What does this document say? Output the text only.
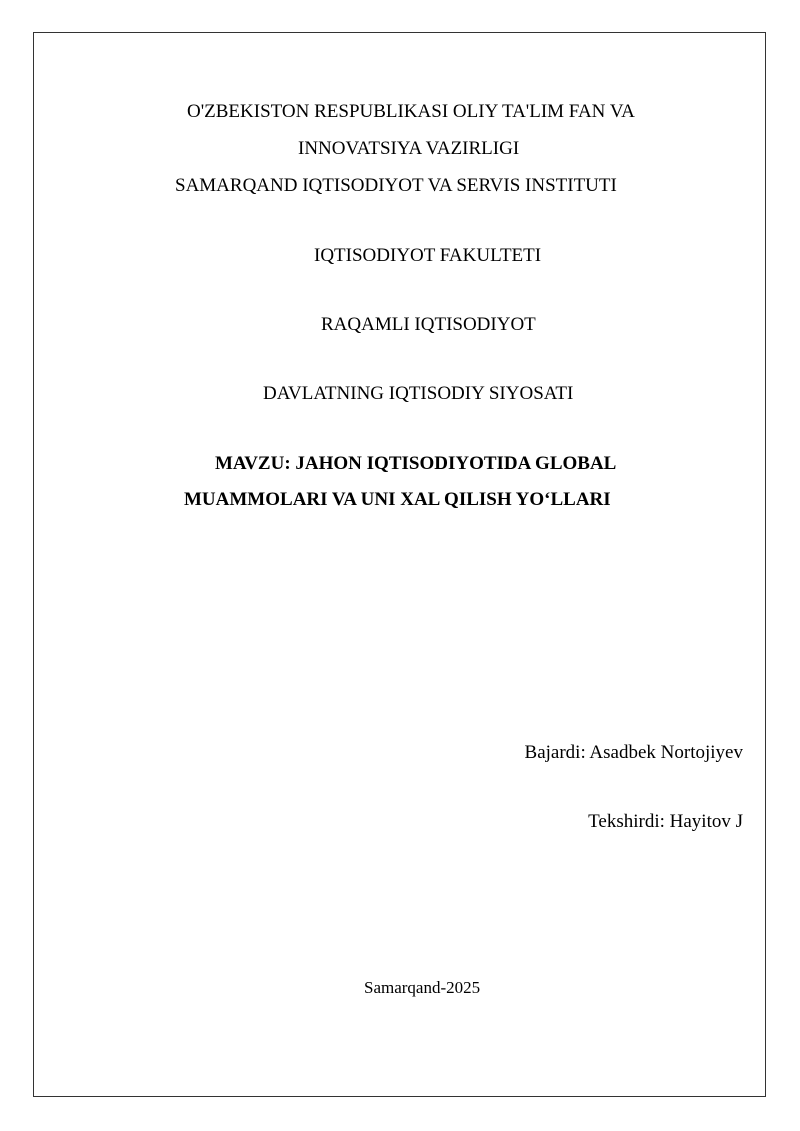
O'ZBEKISTON RESPUBLIKASI OLIY TA'LIM FAN VA
INNOVATSIYA VAZIRLIGI
SAMARQAND IQTISODIYOT VA SERVIS INSTITUTI
IQTISODIYOT FAKULTETI
RAQAMLI IQTISODIYOT
DAVLATNING IQTISODIY SIYOSATI
MAVZU: JAHON IQTISODIYOTIDA GLOBAL
MUAMMOLARI VA UNI XAL QILISH YO‘LLARI
Bajardi: Asadbek Nortojiyev
Tekshirdi: Hayitov J
Samarqand-2025
